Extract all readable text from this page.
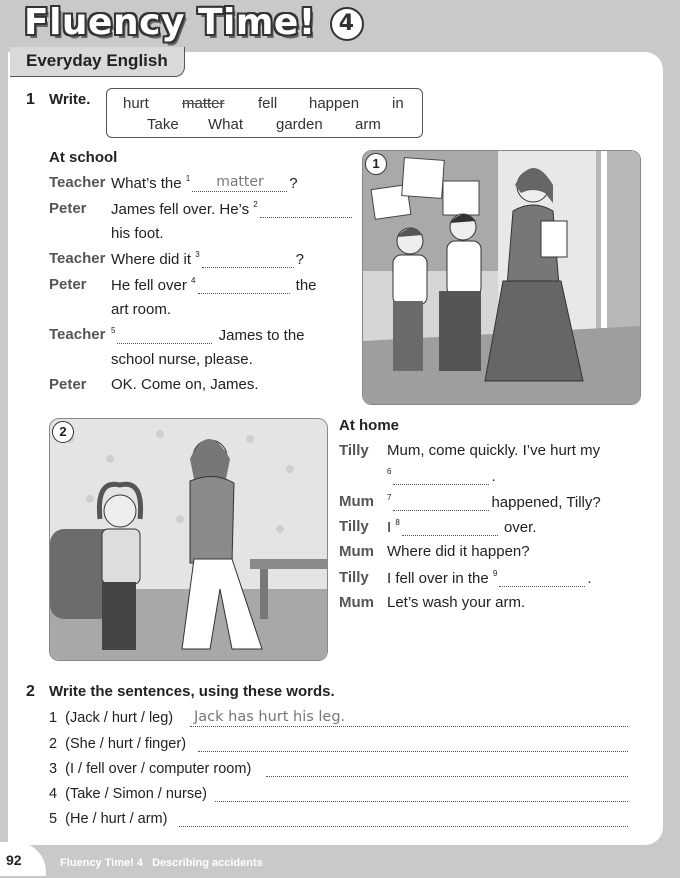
Fluency Time! 4
Everyday English
1 Write. hurt matter fell happen in
Take What garden arm
At school
Teacher What’s the $^1$ matter ?
Peter James fell over. He’s $^2$
his foot.
Teacher Where did it $^3$	?
Peter He fell over $^4$	the
art room.
Teacher $^5$	James to the
school nurse, please.
Peter OK. Come on, James.
1
2	At home
Tilly Mum, come quickly. I’ve hurt my
$^6$	.
Mum $^7$	happened, Tilly?
Tilly I $^8$	over.
Mum Where did it happen?
Tilly I fell over in the $^9$	.
Mum Let’s wash your arm.
2 Write the sentences, using these words.
1 (Jack / hurt / leg) Jack has hurt his leg.
2 (She / hurt / finger)
3 (I / fell over / computer room)
4 (Take / Simon / nurse)
5 (He / hurt / arm)
92	Fluency Time! 4   Describing accidents
